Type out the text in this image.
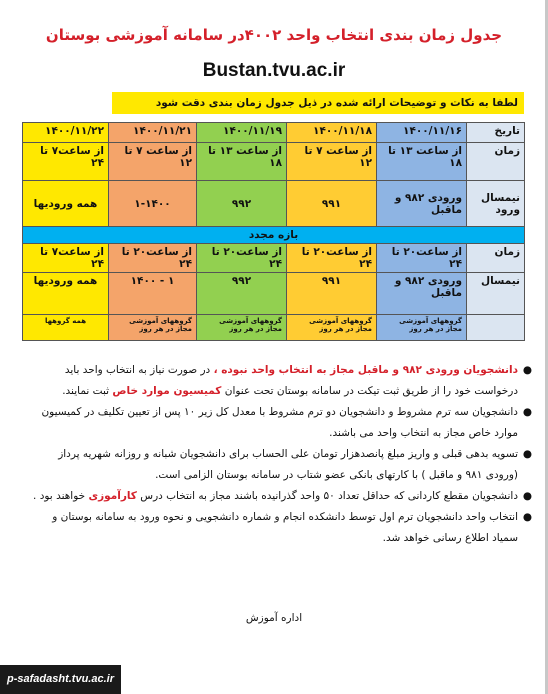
جدول زمان بندی انتخاب واحد ۴۰۰۲در سامانه آموزشی بوستان
Bustan.tvu.ac.ir
لطفا به نکات و توضیحات ارائه شده در ذیل جدول زمان بندی دقت شود
تاریخ	۱۴۰۰/۱۱/۱۶	۱۴۰۰/۱۱/۱۸	۱۴۰۰/۱۱/۱۹	۱۴۰۰/۱۱/۲۱	۱۴۰۰/۱۱/۲۲
زمان	از ساعت ۱۳ تا ۱۸	از ساعت ۷ تا ۱۲	از ساعت ۱۳ تا ۱۸	از ساعت ۷ تا ۱۲	از ساعت۷ تا ۲۴
نیمسال ورود	ورودی ۹۸۲ و ماقبل	۹۹۱	۹۹۲	۱-۱۴۰۰	همه ورودیها
بازه مجدد					
زمان	از ساعت۲۰ تا ۲۴	از ساعت۲۰ تا ۲۴	از ساعت۲۰ تا ۲۴	از ساعت۲۰ تا ۲۴	از ساعت۷ تا ۲۴
نیمسال	ورودی ۹۸۲ و ماقبل	۹۹۱	۹۹۲	۱ - ۱۴۰۰	همه ورودیها
	گروههای آموزشی مجاز در هر روز	گروههای آموزشی مجاز در هر روز	گروههای آموزشی مجاز در هر روز	گروههای آموزشی مجاز در هر روز	همه گروهها
●
دانشجویان ورودی ۹۸۲ و ماقبل مجاز به انتخاب واحد نبوده ، در صورت نیاز به انتخاب واحد باید درخواست خود را از طریق ثبت تیکت در سامانه بوستان تحت عنوان کمیسیون موارد خاص ثبت نمایند.
●
دانشجویان سه ترم مشروط و دانشجویان دو ترم مشروط با معدل کل زیر ۱۰ پس از تعیین تکلیف در کمیسیون موارد خاص مجاز به انتخاب واحد می باشند.
●
تسویه بدهی قبلی و واریز مبلغ پانصدهزار تومان علی الحساب برای دانشجویان شبانه و روزانه شهریه پرداز (ورودی ۹۸۱ و ماقبل ) با کارتهای بانکی عضو شتاب در سامانه بوستان الزامی است.
●
دانشجویان مقطع کاردانی که حداقل تعداد ۵۰ واحد گذرانیده باشند مجاز به انتخاب درس کارآموزی خواهند بود .
●
انتخاب واحد دانشجویان ترم اول توسط دانشکده انجام و شماره دانشجویی و نحوه ورود به سامانه بوستان و سمیاد اطلاع رسانی خواهد شد.
اداره آموزش
p-safadasht.tvu.ac.ir
